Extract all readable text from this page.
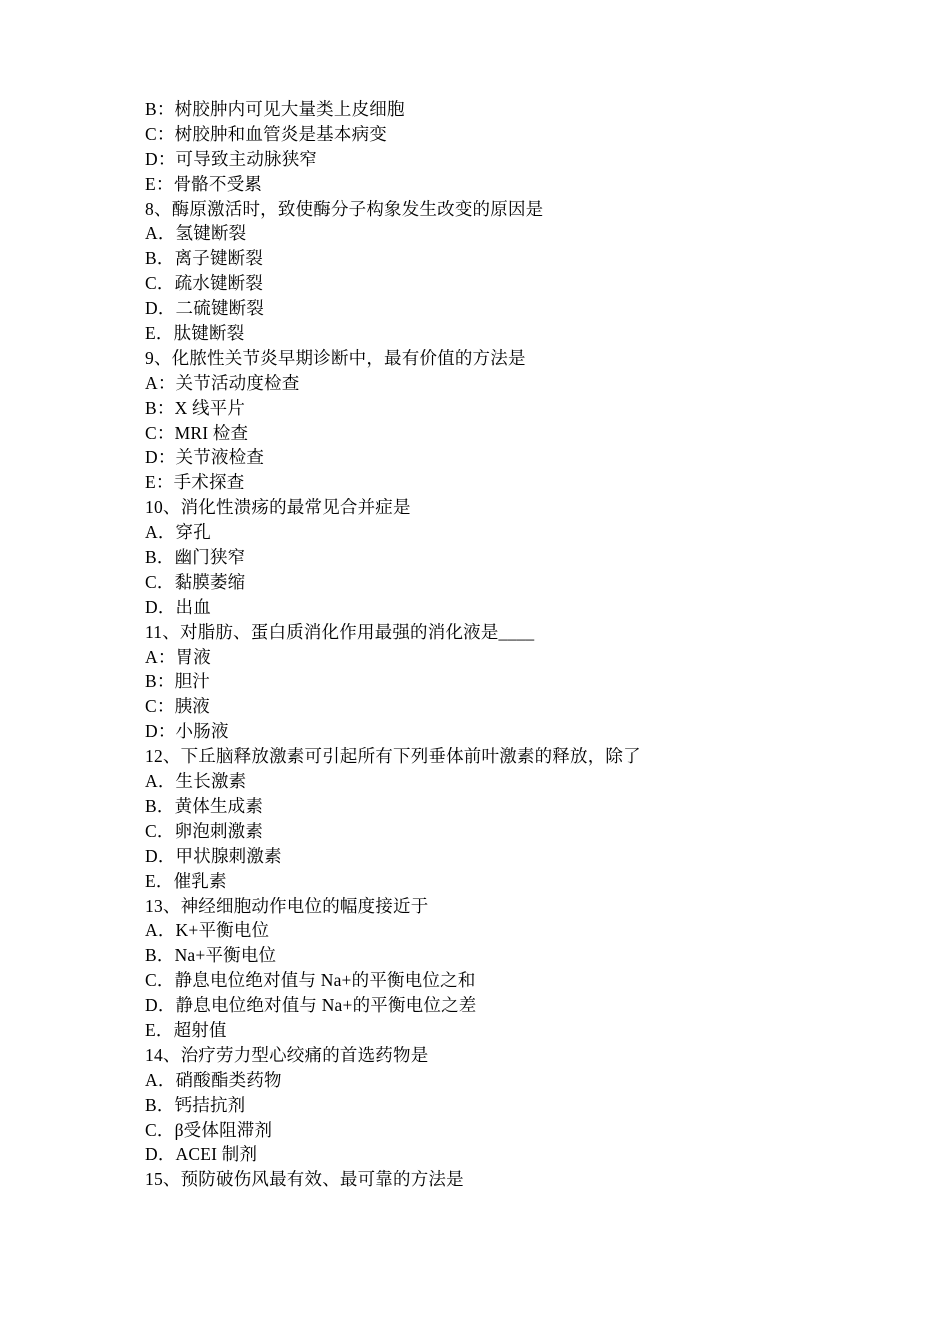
B：树胶肿内可见大量类上皮细胞
C：树胶肿和血管炎是基本病变
D：可导致主动脉狭窄
E：骨骼不受累
8、酶原激活时，致使酶分子构象发生改变的原因是
A．氢键断裂
B．离子键断裂
C．疏水键断裂
D．二硫键断裂
E．肽键断裂
9、化脓性关节炎早期诊断中，最有价值的方法是
A：关节活动度检查
B：X 线平片
C：MRI 检查
D：关节液检查
E：手术探查
10、消化性溃疡的最常见合并症是
A．穿孔
B．幽门狭窄
C．黏膜萎缩
D．出血
11、对脂肪、蛋白质消化作用最强的消化液是____
A：胃液
B：胆汁
C：胰液
D：小肠液
12、下丘脑释放激素可引起所有下列垂体前叶激素的释放，除了
A．生长激素
B．黄体生成素
C．卵泡刺激素
D．甲状腺刺激素
E．催乳素
13、神经细胞动作电位的幅度接近于
A．K+平衡电位
B．Na+平衡电位
C．静息电位绝对值与 Na+的平衡电位之和
D．静息电位绝对值与 Na+的平衡电位之差
E．超射值
14、治疗劳力型心绞痛的首选药物是
A．硝酸酯类药物
B．钙拮抗剂
C．β受体阻滞剂
D．ACEI 制剂
15、预防破伤风最有效、最可靠的方法是
